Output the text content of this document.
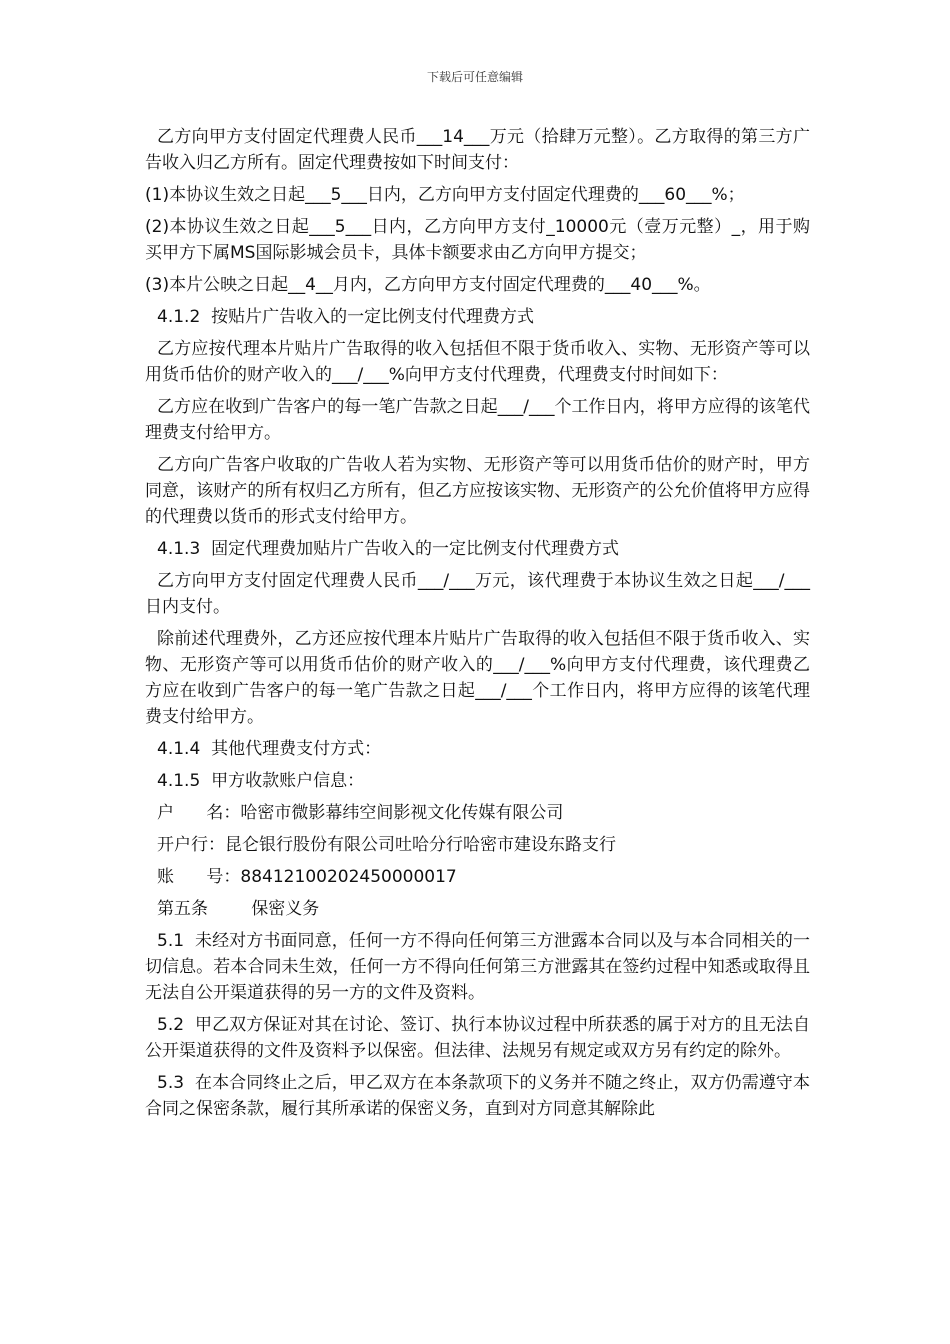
下载后可任意编辑

乙方向甲方支付固定代理费人民币___14___万元（拾肆万元整）。乙方取得的第三方广告收入归乙方所有。固定代理费按如下时间支付：

(1)本协议生效之日起___5___日内，乙方向甲方支付固定代理费的___60___%；

(2)本协议生效之日起___5___日内，乙方向甲方支付_10000元（壹万元整）_，用于购买甲方下属MS国际影城会员卡，具体卡额要求由乙方向甲方提交；

(3)本片公映之日起__4__月内，乙方向甲方支付固定代理费的___40___%。

4.1.2  按贴片广告收入的一定比例支付代理费方式

乙方应按代理本片贴片广告取得的收入包括但不限于货币收入、实物、无形资产等可以用货币估价的财产收入的___/___%向甲方支付代理费，代理费支付时间如下：

乙方应在收到广告客户的每一笔广告款之日起___/___个工作日内，将甲方应得的该笔代理费支付给甲方。

乙方向广告客户收取的广告收人若为实物、无形资产等可以用货币估价的财产时，甲方同意，该财产的所有权归乙方所有，但乙方应按该实物、无形资产的公允价值将甲方应得的代理费以货币的形式支付给甲方。

4.1.3  固定代理费加贴片广告收入的一定比例支付代理费方式

乙方向甲方支付固定代理费人民币___/___万元，该代理费于本协议生效之日起___/___日内支付。

除前述代理费外，乙方还应按代理本片贴片广告取得的收入包括但不限于货币收入、实物、无形资产等可以用货币估价的财产收入的___/___%向甲方支付代理费，该代理费乙方应在收到广告客户的每一笔广告款之日起___/___个工作日内，将甲方应得的该笔代理费支付给甲方。

4.1.4  其他代理费支付方式：

4.1.5  甲方收款账户信息：

户      名：哈密市微影幕纬空间影视文化传媒有限公司

开户行：昆仑银行股份有限公司吐哈分行哈密市建设东路支行

账      号：88412100202450000017

第五条        保密义务

5.1  未经对方书面同意，任何一方不得向任何第三方泄露本合同以及与本合同相关的一切信息。若本合同未生效，任何一方不得向任何第三方泄露其在签约过程中知悉或取得且无法自公开渠道获得的另一方的文件及资料。

5.2  甲乙双方保证对其在讨论、签订、执行本协议过程中所获悉的属于对方的且无法自公开渠道获得的文件及资料予以保密。但法律、法规另有规定或双方另有约定的除外。

5.3  在本合同终止之后，甲乙双方在本条款项下的义务并不随之终止，双方仍需遵守本合同之保密条款，履行其所承诺的保密义务，直到对方同意其解除此
